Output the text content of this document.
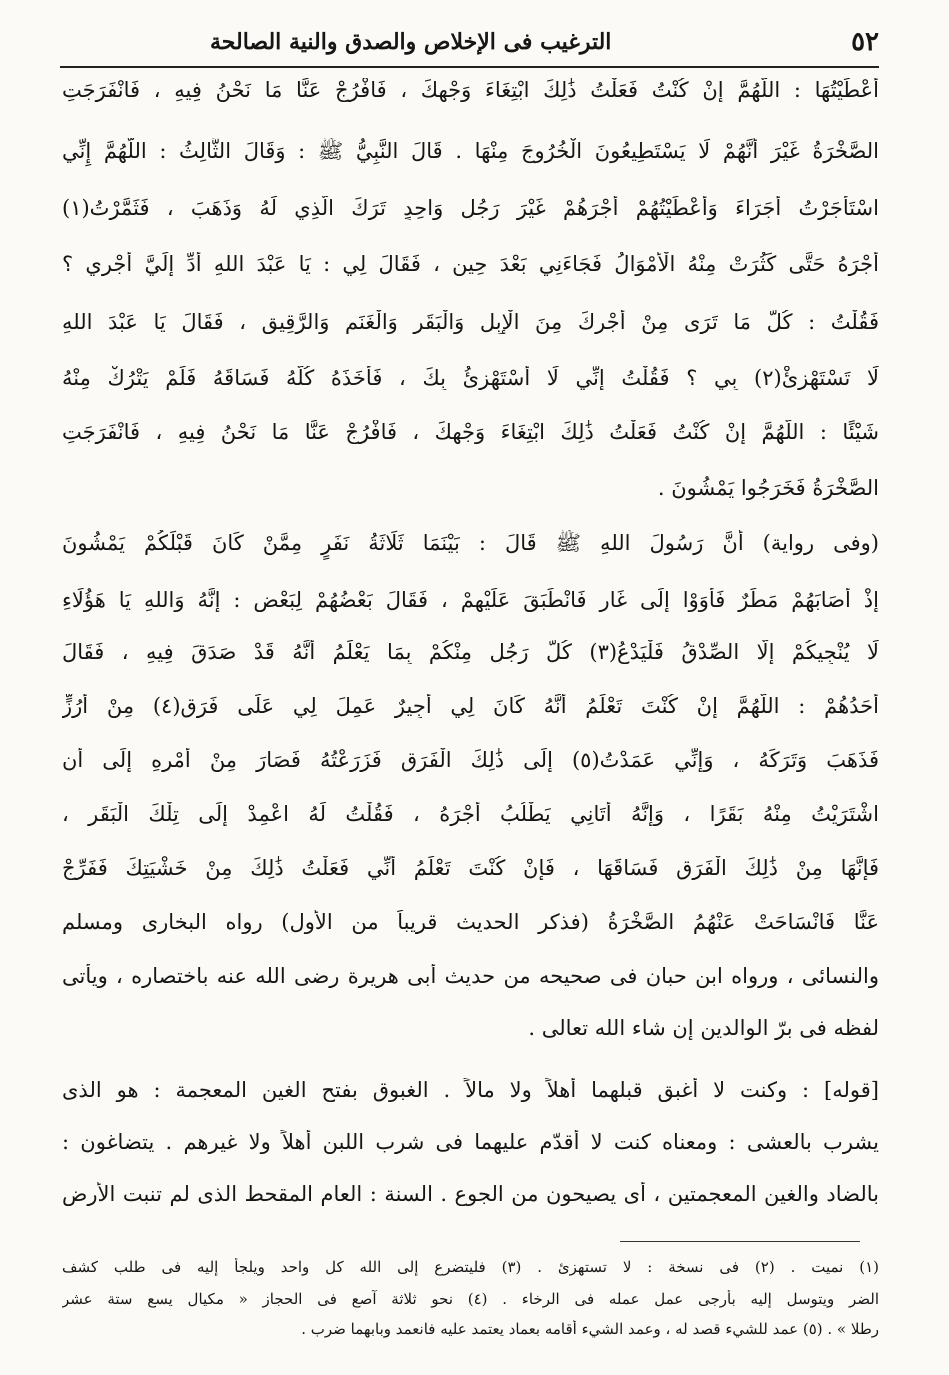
٥٢
الترغيب فى الإخلاص والصدق والنية الصالحة
أَعْطَيْتُهَا : اللَّهُمَّ إِنْ كُنْتُ فَعَلْتُ ذَٰلِكَ ابْتِغَاءَ وَجْهِكَ ، فَافْرُجْ عَنَّا مَا نَحْنُ فِيهِ ، فَانْفَرَجَتِ
الصَّخْرَةُ غَيْرَ أَنَّهُمْ لَا يَسْتَطِيعُونَ الْخُرُوجَ مِنْهَا . قَالَ النَّبِيُّ ﷺ : وَقَالَ الثَّالِثُ : اللَّهُمَّ إِنِّي
اسْتَأْجَرْتُ أُجَرَاءَ وَأَعْطَيْتُهُمْ أَجْرَهُمْ غَيْرَ رَجُلٍ وَاحِدٍ تَرَكَ الَّذِي لَهُ وَذَهَبَ ، فَثَمَّرْتُ(١)
أَجْرَهُ حَتَّى كَثُرَتْ مِنْهُ الْأَمْوَالُ فَجَاءَنِي بَعْدَ حِينٍ ، فَقَالَ لِي : يَا عَبْدَ اللهِ أَدِّ إِلَيَّ أَجْرِي ؟
فَقُلْتُ : كُلُّ مَا تَرَى مِنْ أَجْرِكَ مِنَ الْإِبِلِ وَالْبَقَرِ وَالْغَنَمِ وَالرَّقِيقِ ، فَقَالَ يَا عَبْدَ اللهِ
لَا تَسْتَهْزِئْ(٢) بِي ؟ فَقُلْتُ إِنِّي لَا أَسْتَهْزِئُ بِكَ ، فَأَخَذَهُ كُلَّهُ فَسَاقَهُ فَلَمْ يَتْرُكْ مِنْهُ
شَيْئًا : اللَّهُمَّ إِنْ كُنْتُ فَعَلْتُ ذَٰلِكَ ابْتِغَاءَ وَجْهِكَ ، فَافْرُجْ عَنَّا مَا نَحْنُ فِيهِ ، فَانْفَرَجَتِ
الصَّخْرَةُ فَخَرَجُوا يَمْشُونَ .
(وفى رواية) أَنَّ رَسُولَ اللهِ ﷺ قَالَ : بَيْنَمَا ثَلَاثَةُ نَفَرٍ مِمَّنْ كَانَ قَبْلَكُمْ يَمْشُونَ
إِذْ أَصَابَهُمْ مَطَرٌ فَأَوَوْا إِلَى غَارٍ فَانْطَبَقَ عَلَيْهِمْ ، فَقَالَ بَعْضُهُمْ لِبَعْضٍ : إِنَّهُ وَاللهِ يَا هَؤُلَاءِ
لَا يُنْجِيكُمْ إِلَّا الصِّدْقُ فَلْيَدْعُ(٣) كُلُّ رَجُلٍ مِنْكُمْ بِمَا يَعْلَمُ أَنَّهُ قَدْ صَدَقَ فِيهِ ، فَقَالَ
أَحَدُهُمْ : اللَّهُمَّ إِنْ كُنْتَ تَعْلَمُ أَنَّهُ كَانَ لِي أَجِيرٌ عَمِلَ لِي عَلَى فَرَقٍ(٤) مِنْ أَرُزٍّ
فَذَهَبَ وَتَرَكَهُ ، وَإِنِّي عَمَدْتُ(٥) إِلَى ذَٰلِكَ الْفَرَقِ فَزَرَعْتُهُ فَصَارَ مِنْ أَمْرِهِ إِلَى أَنِ
اشْتَرَيْتُ مِنْهُ بَقَرًا ، وَإِنَّهُ أَتَانِي يَطْلُبُ أَجْرَهُ ، فَقُلْتُ لَهُ اعْمِدْ إِلَى تِلْكَ الْبَقَرِ ،
فَإِنَّهَا مِنْ ذَٰلِكَ الْفَرَقِ فَسَاقَهَا ، فَإِنْ كُنْتَ تَعْلَمُ أَنِّي فَعَلْتُ ذَٰلِكَ مِنْ خَشْيَتِكَ فَفَرِّجْ
عَنَّا فَانْسَاحَتْ عَنْهُمُ الصَّخْرَةُ (فذكر الحديث قريباً من الأول) رواه البخارى ومسلم
والنسائى ، ورواه ابن حبان فى صحيحه من حديث أبى هريرة رضى الله عنه باختصاره ، ويأتى
لفظه فى برّ الوالدين إن شاء الله تعالى .
[قوله] : وكنت لا أغبق قبلهما أهلاً ولا مالاً . الغبوق بفتح الغين المعجمة : هو الذى
يشرب بالعشى : ومعناه كنت لا أقدّم عليهما فى شرب اللبن أهلاً ولا غيرهم . يتضاغون :
بالضاد والغين المعجمتين ، أى يصيحون من الجوع . السنة : العام المقحط الذى لم تنبت الأرض
(١) نميت . (٢) فى نسخة : لا تستهزئ . (٣) فليتضرع إلى الله كل واحد ويلجأ إليه فى طلب كشف
الضر ويتوسل إليه بأرجى عمل عمله فى الرخاء . (٤) نحو ثلاثة آصع فى الحجاز « مكيال يسع ستة عشر
رطلا » . (٥) عمد للشيء قصد له ، وعمد الشيء أقامه بعماد يعتمد عليه فانعمد وبابهما ضرب .
